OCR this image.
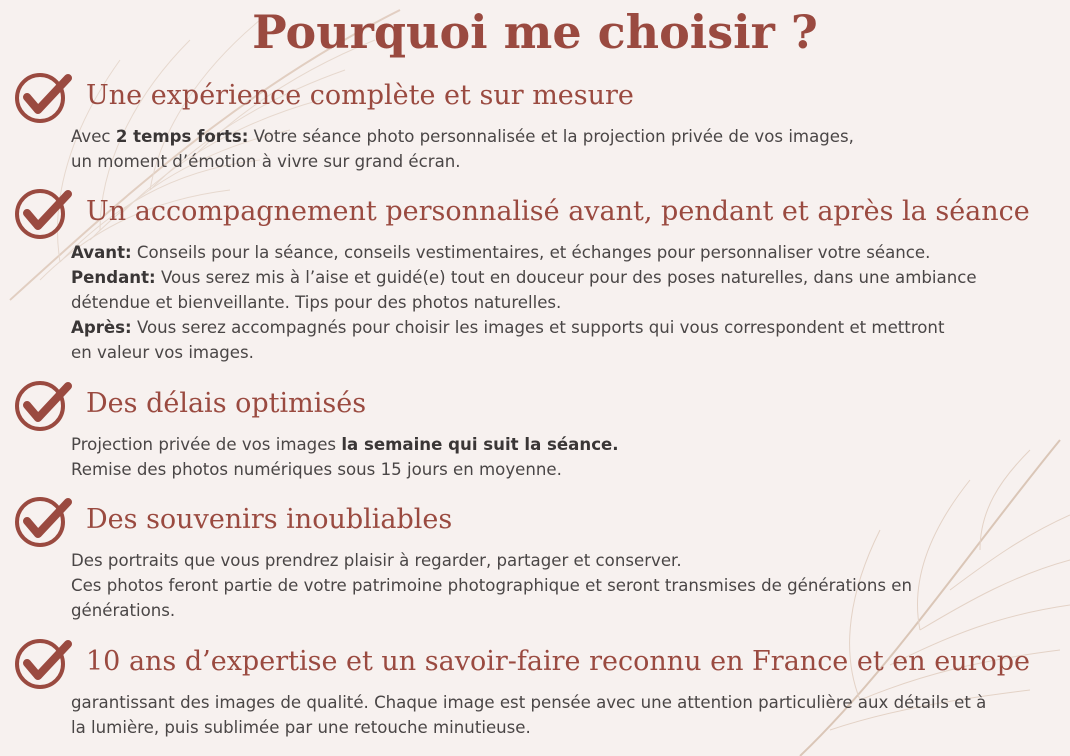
Pourquoi me choisir ?
Une expérience complète et sur mesure

Avec 2 temps forts: Votre séance photo personnalisée et la projection privée de vos images,
un moment d’émotion à vivre sur grand écran.

Un accompagnement personnalisé avant, pendant et après la séance

Avant: Conseils pour la séance, conseils vestimentaires, et échanges pour personnaliser votre séance.

Pendant: Vous serez mis à l’aise et guidé(e) tout en douceur pour des poses naturelles, dans une ambiance
détendue et bienveillante. Tips pour des photos naturelles.

Après: Vous serez accompagnés pour choisir les images et supports qui vous correspondent et mettront
en valeur vos images.

Des délais optimisés

Projection privée de vos images la semaine qui suit la séance.

Remise des photos numériques sous 15 jours en moyenne.

Des souvenirs inoubliables

Des portraits que vous prendrez plaisir à regarder, partager et conserver.

Ces photos feront partie de votre patrimoine photographique et seront transmises de générations en
générations.

10 ans d’expertise et un savoir-faire reconnu en France et en europe

garantissant des images de qualité. Chaque image est pensée avec une attention particulière aux détails et à
la lumière, puis sublimée par une retouche minutieuse.
